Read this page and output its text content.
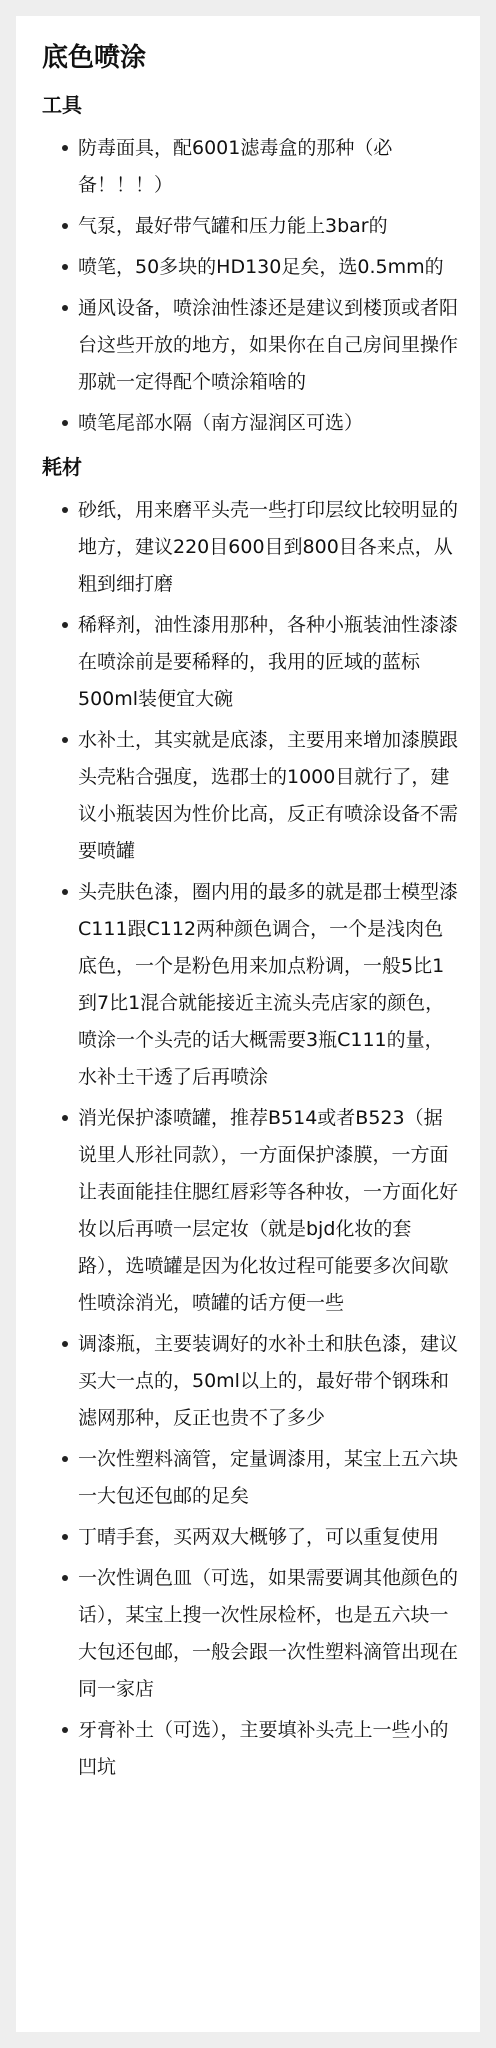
底色喷涂
工具
防毒面具，配6001滤毒盒的那种（必备！！！）
气泵，最好带气罐和压力能上3bar的
喷笔，50多块的HD130足矣，选0.5mm的
通风设备，喷涂油性漆还是建议到楼顶或者阳台这些开放的地方，如果你在自己房间里操作那就一定得配个喷涂箱啥的
喷笔尾部水隔（南方湿润区可选）
耗材
砂纸，用来磨平头壳一些打印层纹比较明显的地方，建议220目600目到800目各来点，从粗到细打磨
稀释剂，油性漆用那种，各种小瓶装油性漆漆在喷涂前是要稀释的，我用的匠域的蓝标500ml装便宜大碗
水补土，其实就是底漆，主要用来增加漆膜跟头壳粘合强度，选郡士的1000目就行了，建议小瓶装因为性价比高，反正有喷涂设备不需要喷罐
头壳肤色漆，圈内用的最多的就是郡士模型漆C111跟C112两种颜色调合，一个是浅肉色底色，一个是粉色用来加点粉调，一般5比1到7比1混合就能接近主流头壳店家的颜色，喷涂一个头壳的话大概需要3瓶C111的量，水补土干透了后再喷涂
消光保护漆喷罐，推荐B514或者B523（据说里人形社同款），一方面保护漆膜，一方面让表面能挂住腮红唇彩等各种妆，一方面化好妆以后再喷一层定妆（就是bjd化妆的套路），选喷罐是因为化妆过程可能要多次间歇性喷涂消光，喷罐的话方便一些
调漆瓶，主要装调好的水补土和肤色漆，建议买大一点的，50ml以上的，最好带个钢珠和滤网那种，反正也贵不了多少
一次性塑料滴管，定量调漆用，某宝上五六块一大包还包邮的足矣
丁晴手套，买两双大概够了，可以重复使用
一次性调色皿（可选，如果需要调其他颜色的话），某宝上搜一次性尿检杯，也是五六块一大包还包邮，一般会跟一次性塑料滴管出现在同一家店
牙膏补土（可选），主要填补头壳上一些小的凹坑
